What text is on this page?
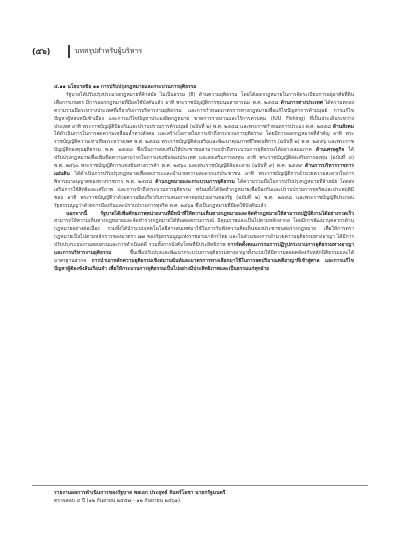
(๕๖)	บทสรุปสำหรับผู้บริหาร

๔.๑๑ นโยบายข้อ ๑๑ การปรับปรุงกฎหมายและกระบวนการยุติธรรม

รัฐบาลได้ปรับปรุงประมวลกฎหมายที่ล้าสมัย ไม่เป็นธรรม (8) ด้านความยุติธรรม โดยได้ออกกฎหมายในการจัดระเบียบการอยู่อาศัยที่ดินเพื่อการเกษตร มีการออกกฎหมายที่มีผลใช้บังคับแล้ว อาทิ พระราชบัญญัติการชุมนุมสาธารณะ พ.ศ. ๒๕๕๘ ด้านการต่างประเทศ ได้ความตกลงความร่วมมือระหว่างประเทศที่เกี่ยวกับการบริหารงานยุติธรรม และการกำหนดมาตรการทางกฎหมายเพื่อแก้ไขปัญหาการค้ามนุษย์ การแก้ไขปัญหาผู้หลบหนีเข้าเมือง และการแก้ไขปัญหาประมงผิดกฎหมาย ขาดการรายงานและไร้การควบคุม (IUU Fishing) ที่เป็นประเด็นระหว่างประเทศ อาทิ พระราชบัญญัติป้องกันและปราบปรามการค้ามนุษย์ (ฉบับที่ ๒) พ.ศ. ๒๕๕๘ และพระราชกำหนดการประมง พ.ศ. ๒๕๕๘ ด้านสังคม ได้ดำเนินการในการลดความเหลื่อมล้ำทางสังคม และสร้างโอกาสในการเข้าถึงกระบวนการยุติธรรม โดยมีการออกกฎหมายที่สำคัญ อาทิ พระราชบัญญัติความเท่าเทียมระหว่างเพศ พ.ศ. ๒๕๕๘ พระราชบัญญัติส่งเสริมและพัฒนาคุณภาพชีวิตคนพิการ (ฉบับที่ ๒) พ.ศ. ๒๕๕๖ และพระราชบัญญัติกองทุนยุติธรรม พ.ศ. ๒๕๕๘ ซึ่งเป็นการส่งเสริมให้ประชาชนสามารถเข้าถึงกระบวนการยุติธรรมได้อย่างเสมอภาค ด้านเศรษฐกิจ ได้ปรับปรุงกฎหมายเพื่อเพิ่มขีดความสามารถในการแข่งขันของประเทศ และส่งเสริมการลงทุน อาทิ พระราชบัญญัติส่งเสริมการลงทุน (ฉบับที่ ๔) พ.ศ. ๒๕๖๐ พระราชบัญญัติการแข่งขันทางการค้า พ.ศ. ๒๕๖๐ และพระราชบัญญัติล้มละลาย (ฉบับที่ ๙) พ.ศ. ๒๕๕๙ ด้านการบริหารราชการแผ่นดิน ได้ดำเนินการปรับปรุงกฎหมายเพื่อลดภาระและอำนวยความสะดวกแก่ประชาชน อาทิ พระราชบัญญัติการอำนวยความสะดวกในการพิจารณาอนุญาตของทางราชการ พ.ศ. ๒๕๕๘ ด้านกฎหมายและกระบวนการยุติธรรม ได้ความร่วมมือในการปรับปรุงกฎหมายที่ล้าสมัย โดยส่งเสริมการใช้สิทธิและเสรีภาพ และการเข้าถึงกระบวนการยุติธรรม พร้อมทั้งได้จัดทำกฎหมายเพื่อป้องกันและปราบปรามการทุจริตและประพฤติมิชอบ อาทิ พระราชบัญญัติว่าด้วยความผิดเกี่ยวกับการเสนอราคาต่อหน่วยงานของรัฐ (ฉบับที่ ๒) พ.ศ. ๒๕๕๘ และพระราชบัญญัติประกอบรัฐธรรมนูญว่าด้วยการป้องกันและปราบปรามการทุจริต พ.ศ. ๒๕๖๑ ซึ่งเป็นกฎหมายที่มีผลใช้บังคับแล้ว

นอกจากนี้ รัฐบาลได้เพิ่มศักยภาพหน่วยงานที่มีหน้าที่ให้ความเห็นทางกฎหมายและจัดทำกฎหมายให้สามารถปฏิบัติงานได้อย่างรวดเร็ว สามารถให้ความเห็นทางกฎหมายและจัดทำร่างกฎหมายได้ทันต่อสถานการณ์ มีคุณภาพและเป็นไปตามหลักสากล โดยมีการพัฒนาบุคลากรด้านกฎหมายอย่างต่อเนื่อง รวมทั้งได้นำระบบเทคโนโลยีสารสนเทศมาใช้ในการรับฟังความคิดเห็นของประชาชนต่อร่างกฎหมาย เพื่อให้การตรากฎหมายเป็นไปตามหลักการของมาตรา ๗๗ ของรัฐธรรมนูญแห่งราชอาณาจักรไทย และในส่วนของการอำนวยความยุติธรรมทางอาญา ได้มีการปรับปรุงระบบงานสอบสวนและการดำเนินคดี รวมทั้งการบังคับโทษที่มีประสิทธิภาพ การจัดตั้งคณะกรรมการปฏิรูปกระบวนการยุติธรรมทางอาญาและการบริหารงานยุติธรรม ขึ้นเพื่อปรับปรุงและพัฒนากระบวนการยุติธรรมทางอาญาทั้งระบบให้มีความสอดคล้องกับหลักนิติธรรมและได้มาตรฐานสากล การนำเอาหลักความยุติธรรมเชิงสมานฉันท์และมาตรการทางเลือกมาใช้ในการลดปริมาณคดีอาญาที่เข้าสู่ศาล และการแก้ไขปัญหาผู้ต้องขังล้นเรือนจำ เพื่อให้กระบวนการยุติธรรมเป็นไปอย่างมีประสิทธิภาพและเป็นธรรมแก่ทุกฝ่าย

รายงานผลการดำเนินการของรัฐบาล พลเอก ประยุทธ์ จันทร์โอชา นายกรัฐมนตรี
ตรวจสอบ ๔ ปี (๑๒ กันยายน ๒๕๕๗ - ๑๒ กันยายน ๒๕๖๑)
